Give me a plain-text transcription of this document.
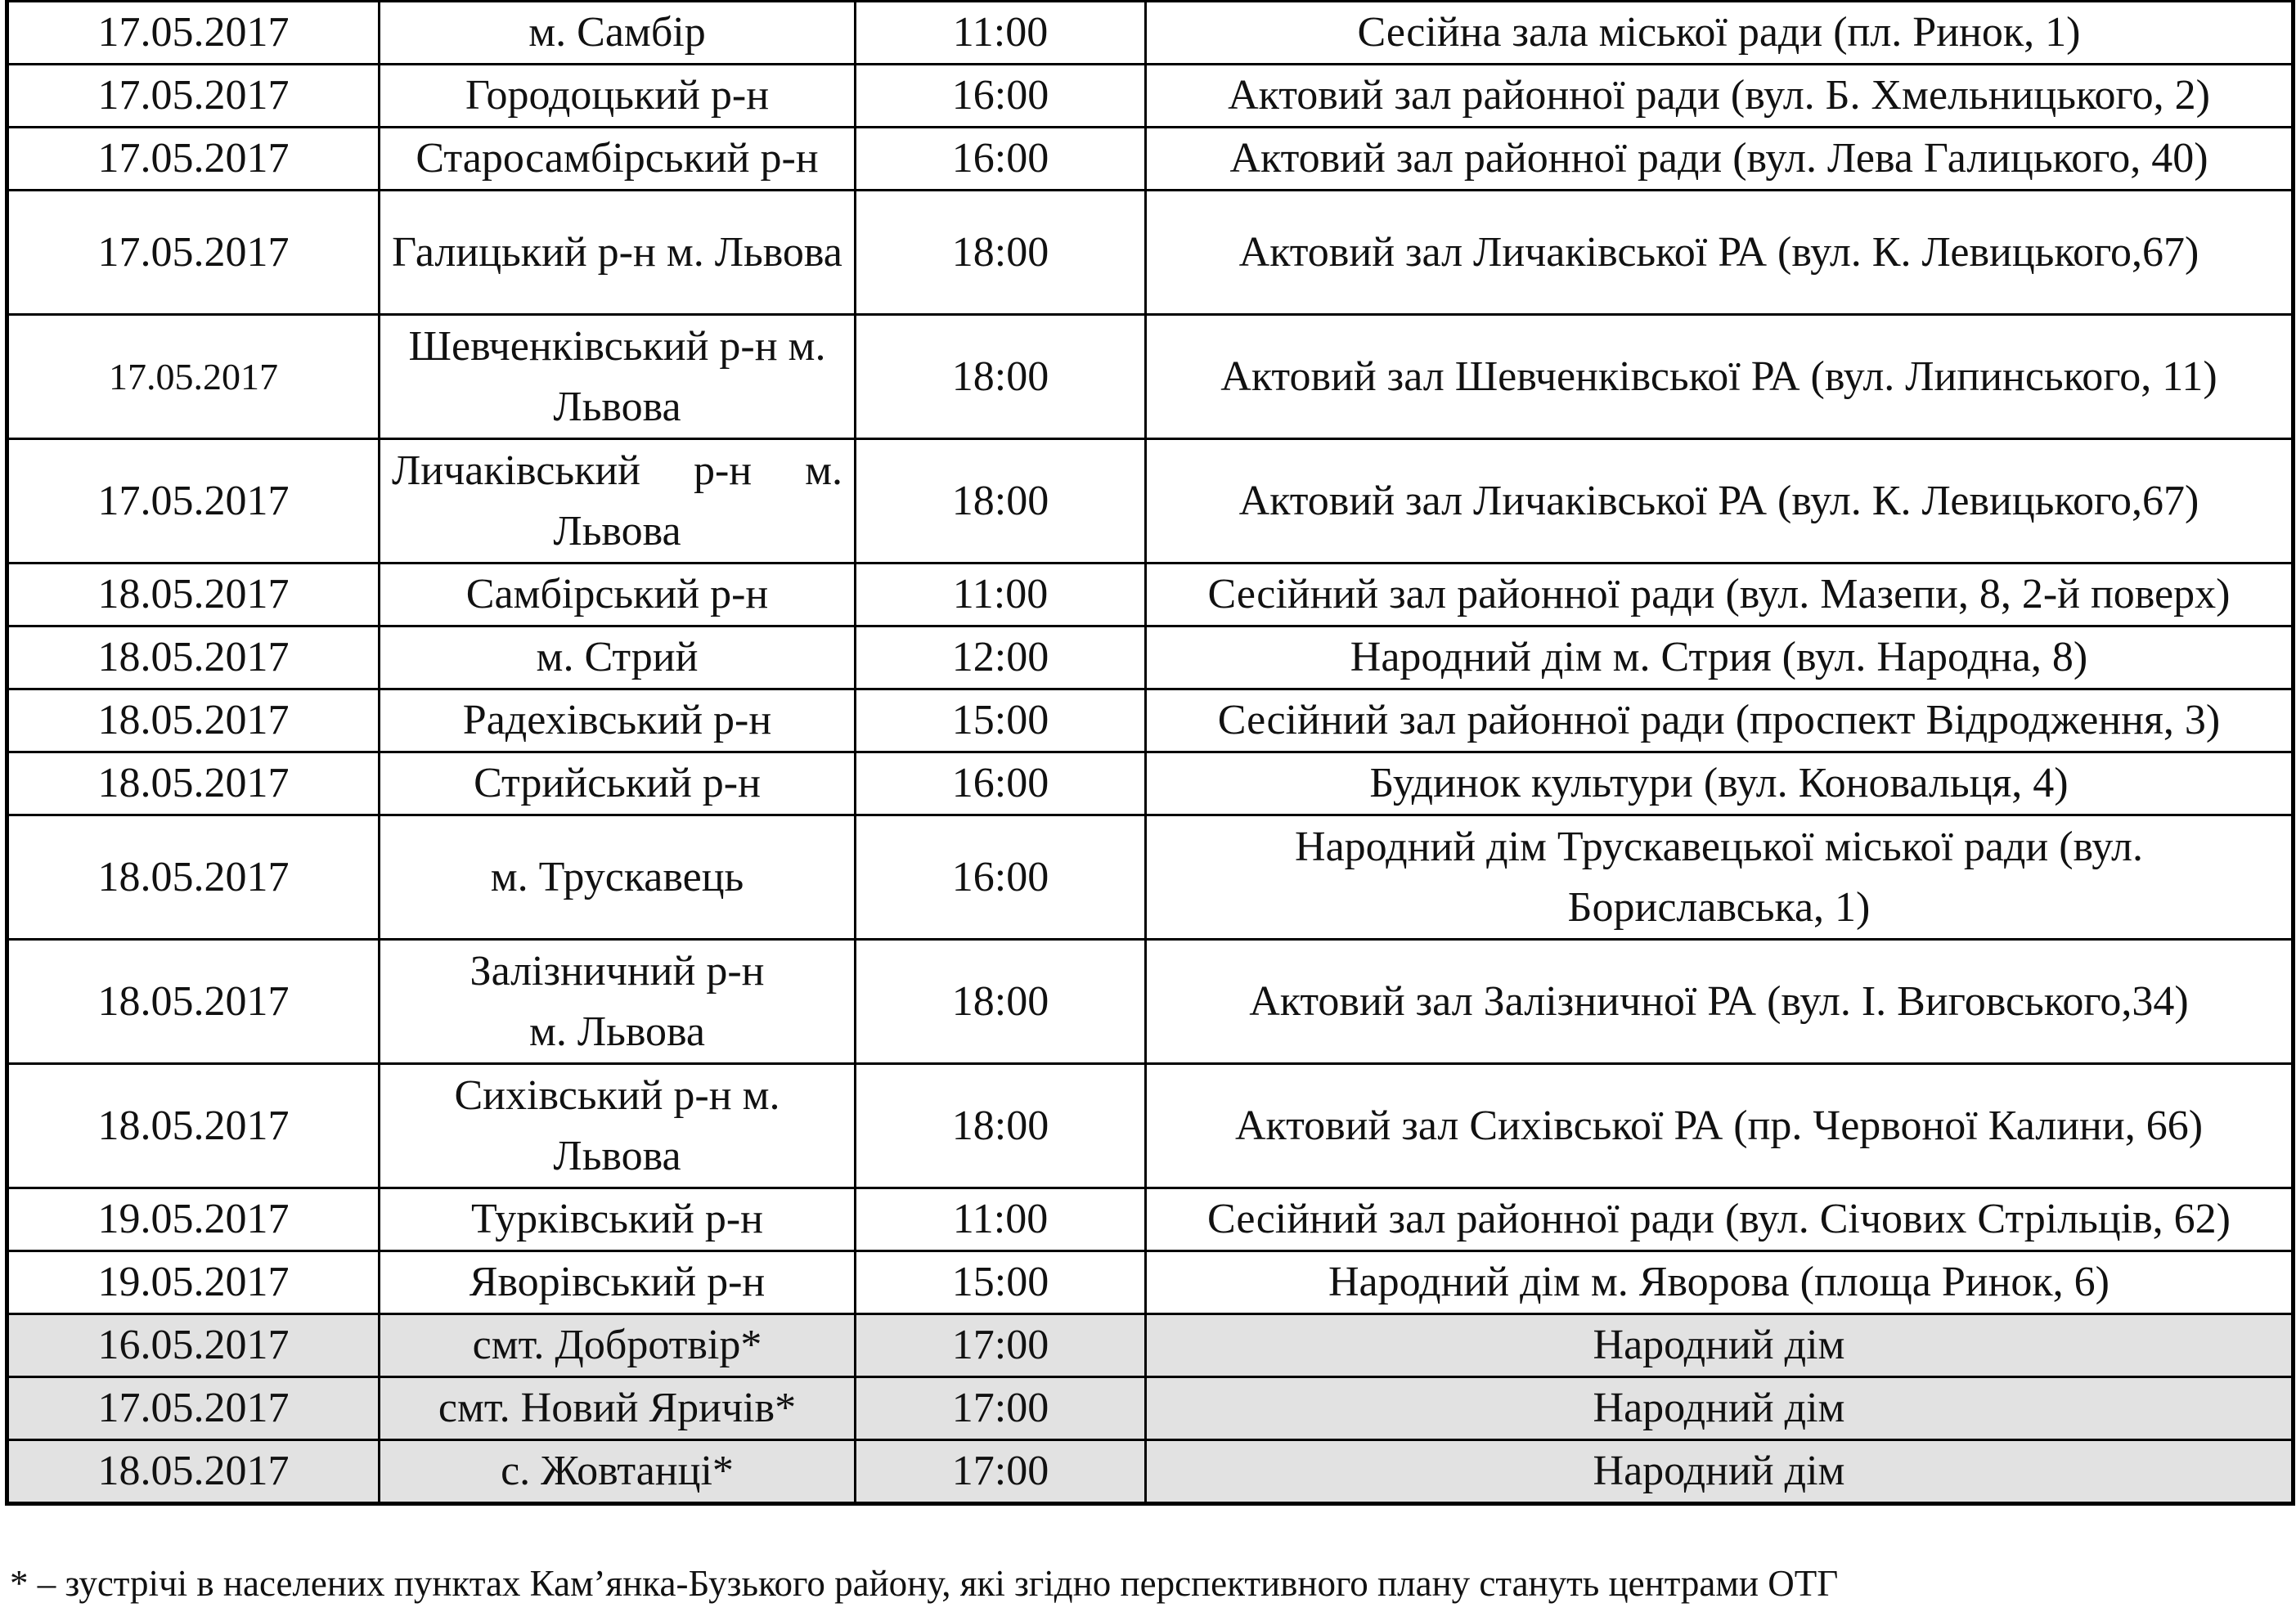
17.05.2017	м. Самбір	11:00	Сесійна зала міської ради (пл. Ринок, 1)
17.05.2017	Городоцький р-н	16:00	Актовий зал районної ради (вул. Б. Хмельницького, 2)
17.05.2017	Старосамбірський р-н	16:00	Актовий зал районної ради (вул. Лева Галицького, 40)
17.05.2017	Галицький р-н м. Львова	18:00	Актовий зал Личаківської РА (вул. К. Левицького,67)
17.05.2017	Шевченківський р-н м. Львова	18:00	Актовий зал Шевченківської РА (вул. Липинського, 11)
17.05.2017	Личаківський р-н м. Львова	18:00	Актовий зал Личаківської РА (вул. К. Левицького,67)
18.05.2017	Самбірський р-н	11:00	Сесійний зал районної ради (вул. Мазепи, 8, 2-й поверх)
18.05.2017	м. Стрий	12:00	Народний дім м. Стрия (вул. Народна, 8)
18.05.2017	Радехівський р-н	15:00	Сесійний зал районної ради (проспект Відродження, 3)
18.05.2017	Стрийський р-н	16:00	Будинок культури (вул. Коновальця, 4)
18.05.2017	м. Трускавець	16:00	Народний дім Трускавецької міської ради (вул. Бориславська, 1)
18.05.2017	Залізничний р-н м. Львова	18:00	Актовий зал Залізничної РА (вул. І. Виговського,34)
18.05.2017	Сихівський р-н м. Львова	18:00	Актовий зал Сихівської РА (пр. Червоної Калини, 66)
19.05.2017	Турківський р-н	11:00	Сесійний зал районної ради (вул. Січових Стрільців, 62)
19.05.2017	Яворівський р-н	15:00	Народний дім м. Яворова (площа Ринок, 6)
16.05.2017	смт. Добротвір*	17:00	Народний дім
17.05.2017	смт. Новий Яричів*	17:00	Народний дім
18.05.2017	с. Жовтанці*	17:00	Народний дім
* – зустрічі в населених пунктах Кам’янка-Бузького району, які згідно перспективного плану стануть центрами ОТГ
